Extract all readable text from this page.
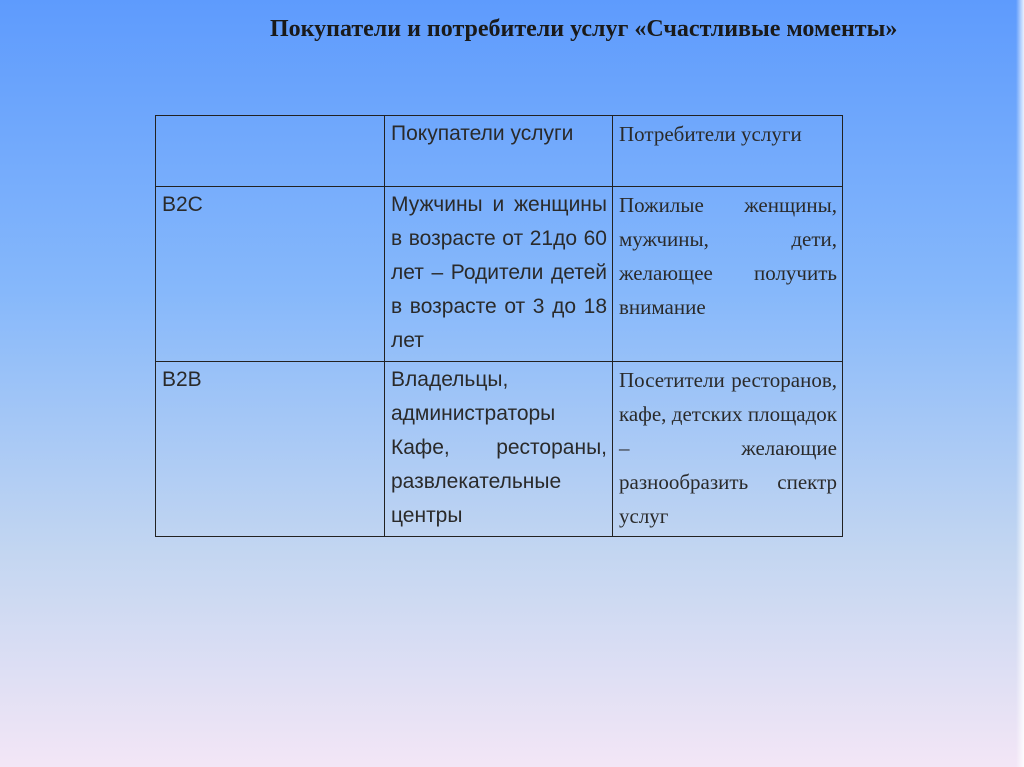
Покупатели и потребители услуг «Счастливые моменты»
	Покупатели услуги	Потребители услуги
B2C	Мужчины и женщины в возрасте от 21до 60 лет – Родители детей в возрасте от 3 до 18 лет	Пожилые женщины, мужчины, дети, желающее получить внимание
B2B	Владельцы, администраторы Кафе, рестораны, развлекательные центры	Посетители ресторанов, кафе, детских площадок – желающие разнообразить спектр услуг
